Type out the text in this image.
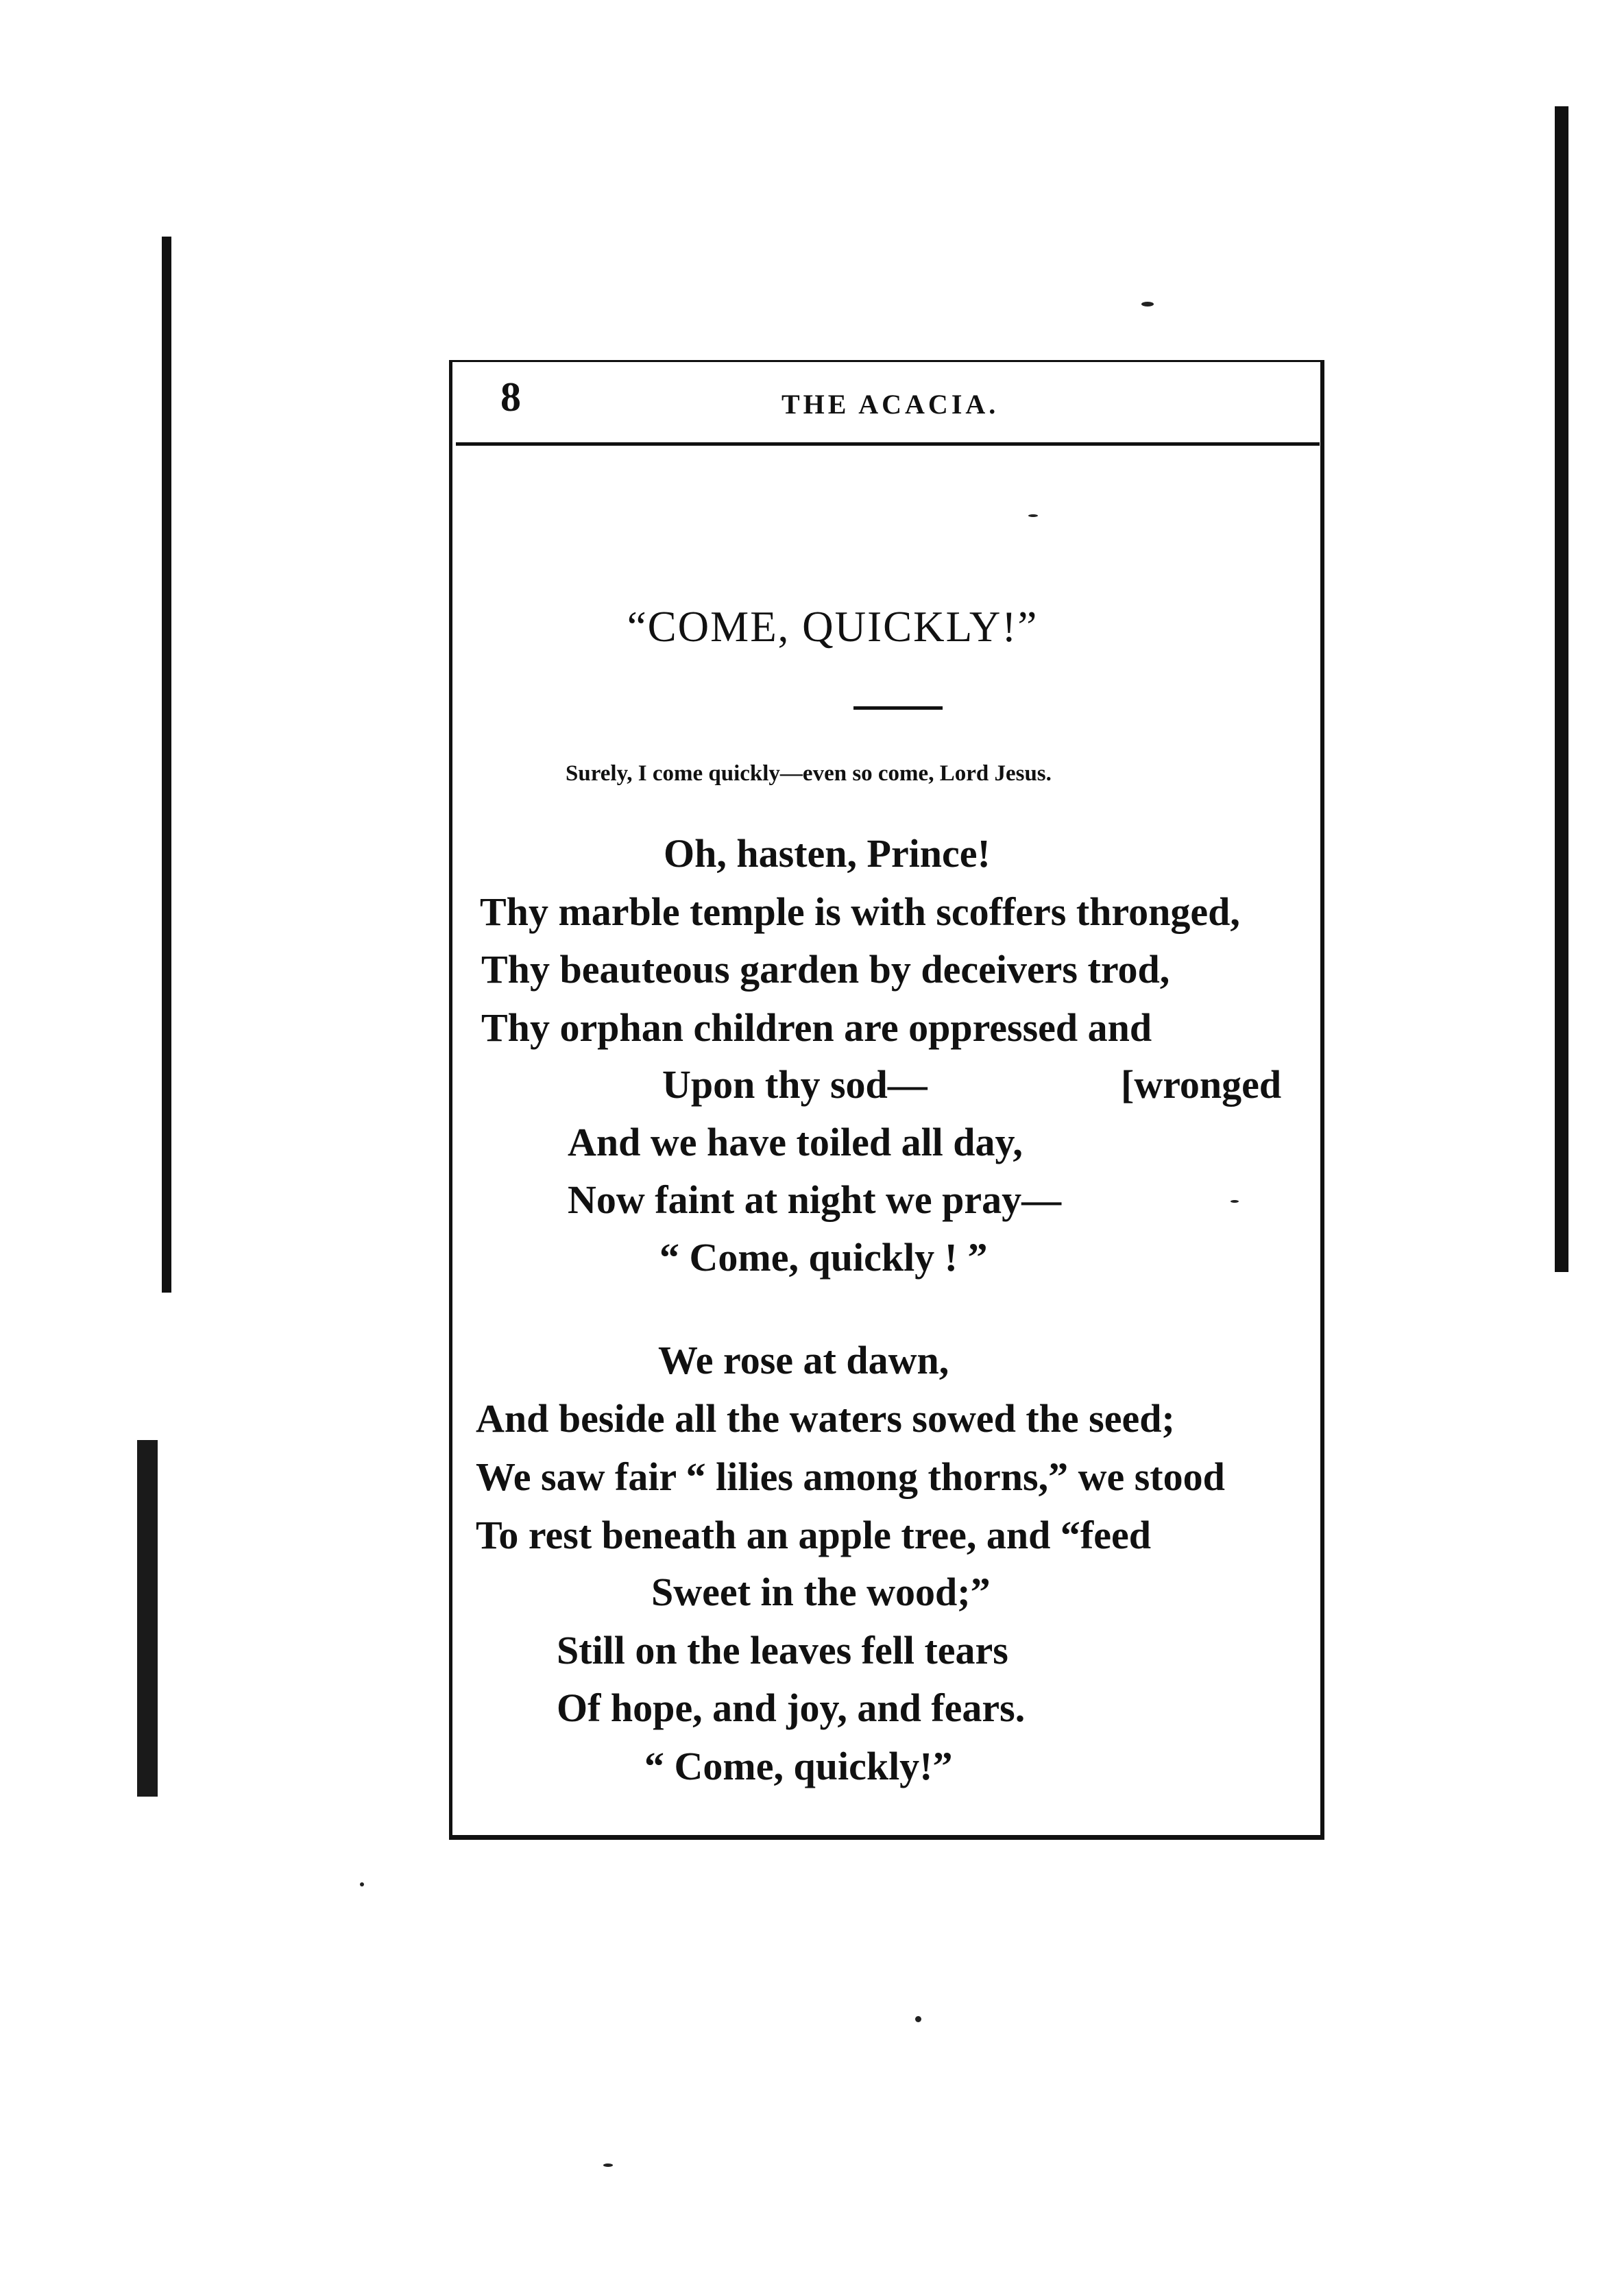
8	THE ACACIA.
“COME, QUICKLY!”
Surely, I come quickly—even so come, Lord Jesus.
Oh, hasten, Prince!
Thy marble temple is with scoffers thronged,
Thy beauteous garden by deceivers trod,
Thy orphan children are oppressed and
Upon thy sod—	[wronged
And we have toiled all day,
Now faint at night we pray—
“ Come, quickly ! ”
We rose at dawn,
And beside all the waters sowed the seed;
We saw fair “ lilies among thorns,” we stood
To rest beneath an apple tree, and “feed
Sweet in the wood;”
Still on the leaves fell tears
Of hope, and joy, and fears.
“ Come, quickly!”
